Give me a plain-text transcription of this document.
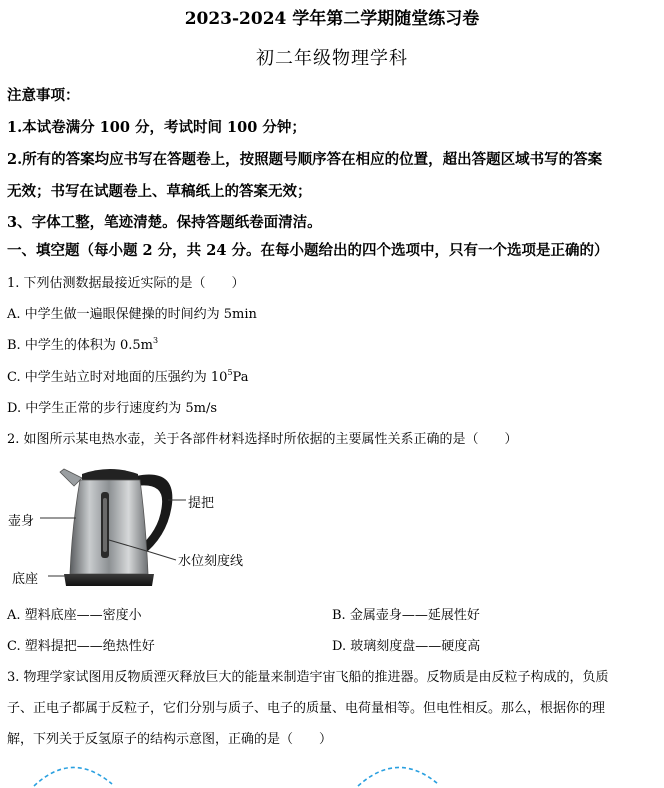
2023-2024 学年第二学期随堂练习卷
初二年级物理学科
注意事项：
1.本试卷满分 100 分，考试时间 100 分钟；
2.所有的答案均应书写在答题卷上，按照题号顺序答在相应的位置，超出答题区域书写的答案
无效；书写在试题卷上、草稿纸上的答案无效；
3、字体工整，笔迹清楚。保持答题纸卷面清洁。
一、填空题（每小题 2 分，共 24 分。在每小题给出的四个选项中，只有一个选项是正确的）
1. 下列估测数据最接近实际的是（　　）
A. 中学生做一遍眼保健操的时间约为 5min
B. 中学生的体积为 $0.5m^3$
C. 中学生站立时对地面的压强约为 $10^5Pa$
D. 中学生正常的步行速度约为 5m/s
2. 如图所示某电热水壶，关于各部件材料选择时所依据的主要属性关系正确的是（　　）
提把
壶身
水位刻度线
底座
A. 塑料底座——密度小	B. 金属壶身——延展性好
C. 塑料提把——绝热性好	D. 玻璃刻度盘——硬度高
3. 物理学家试图用反物质湮灭释放巨大的能量来制造宇宙飞船的推进器。反物质是由反粒子构成的，负质
子、正电子都属于反粒子，它们分别与质子、电子的质量、电荷量相等。但电性相反。那么，根据你的理
解，下列关于反氢原子的结构示意图，正确的是（　　）
